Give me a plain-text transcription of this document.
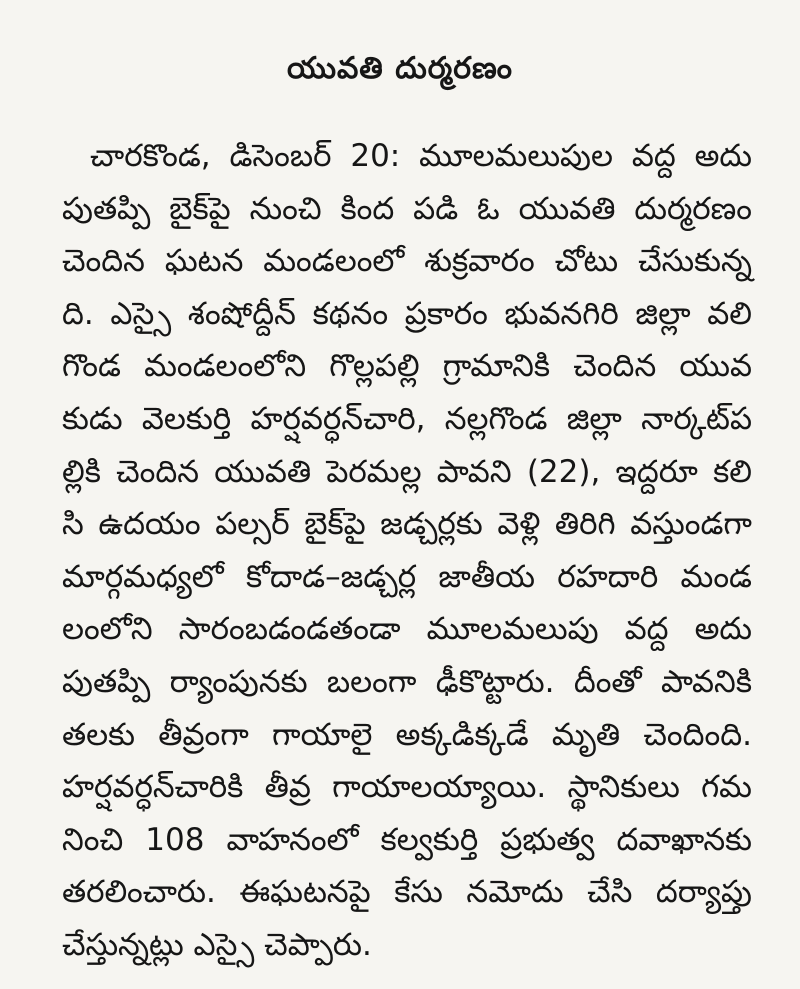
యువతి దుర్మరణం
చారకొండ, డిసెంబర్ 20: మూలమలుపుల వద్ద అదు
పుతప్పి బైక్‌పై నుంచి కింద పడి ఓ యువతి దుర్మరణం
చెందిన ఘటన మండలంలో శుక్రవారం చోటు చేసుకున్న
ది. ఎస్సై శంషోద్దీన్ కథనం ప్రకారం భువనగిరి జిల్లా వలి
గొండ మండలంలోని గొల్లపల్లి గ్రామానికి చెందిన యువ
కుడు వెలకుర్తి హర్షవర్ధన్‌చారి, నల్లగొండ జిల్లా నార్కట్‌ప
ల్లికి చెందిన యువతి పెరమల్ల పావని (22), ఇద్దరూ కలి
సి ఉదయం పల్సర్ బైక్‌పై జడ్చర్లకు వెళ్లి తిరిగి వస్తుండగా
మార్గమధ్యలో కోదాడ–జడ్చర్ల జాతీయ రహదారి మండ
లంలోని సారంబడండతండా మూలమలుపు వద్ద అదు
పుతప్పి ర్యాంపునకు బలంగా ఢీకొట్టారు. దీంతో పావనికి
తలకు తీవ్రంగా గాయాలై అక్కడిక్కడే మృతి చెందింది.
హర్షవర్ధన్‌చారికి తీవ్ర గాయాలయ్యాయి. స్థానికులు గమ
నించి 108 వాహనంలో కల్వకుర్తి ప్రభుత్వ దవాఖానకు
తరలించారు. ఈఘటనపై కేసు నమోదు చేసి దర్యాప్తు
చేస్తున్నట్లు ఎస్సై చెప్పారు.
